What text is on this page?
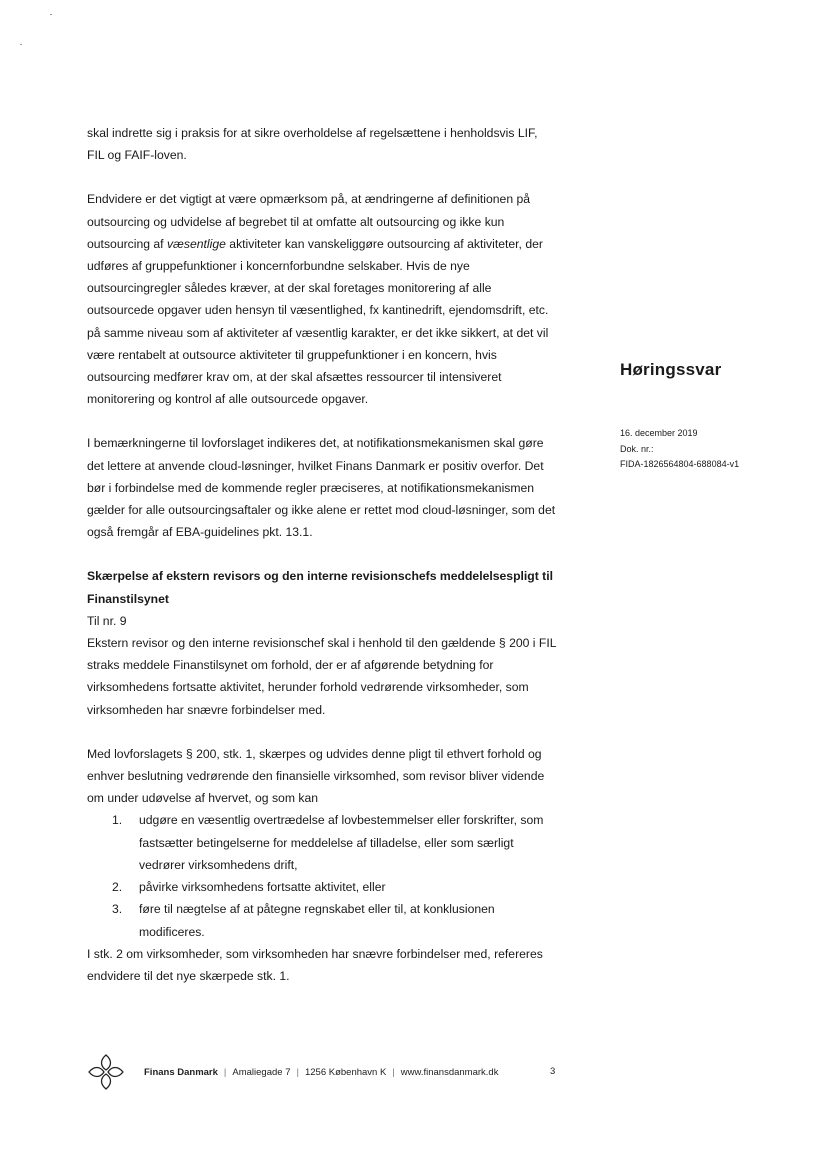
skal indrette sig i praksis for at sikre overholdelse af regelsættene i henholdsvis LIF, FIL og FAIF-loven.

Endvidere er det vigtigt at være opmærksom på, at ændringerne af definitionen på outsourcing og udvidelse af begrebet til at omfatte alt outsourcing og ikke kun outsourcing af væsentlige aktiviteter kan vanskeliggøre outsourcing af aktiviteter, der udføres af gruppefunktioner i koncernforbundne selskaber. Hvis de nye outsourcingregler således kræver, at der skal foretages monitorering af alle outsourcede opgaver uden hensyn til væsentlighed, fx kantinedrift, ejendomsdrift, etc. på samme niveau som af aktiviteter af væsentlig karakter, er det ikke sikkert, at det vil være rentabelt at outsource aktiviteter til gruppefunktioner i en koncern, hvis outsourcing medfører krav om, at der skal afsættes ressourcer til intensiveret monitorering og kontrol af alle outsourcede opgaver.

I bemærkningerne til lovforslaget indikeres det, at notifikationsmekanismen skal gøre det lettere at anvende cloud-løsninger, hvilket Finans Danmark er positiv overfor. Det bør i forbindelse med de kommende regler præciseres, at notifikationsmekanismen gælder for alle outsourcingsaftaler og ikke alene er rettet mod cloud-løsninger, som det også fremgår af EBA-guidelines pkt. 13.1.

Skærpelse af ekstern revisors og den interne revisionschefs meddelelsespligt til Finanstilsynet

Til nr. 9

Ekstern revisor og den interne revisionschef skal i henhold til den gældende § 200 i FIL straks meddele Finanstilsynet om forhold, der er af afgørende betydning for virksomhedens fortsatte aktivitet, herunder forhold vedrørende virksomheder, som virksomheden har snævre forbindelser med.

Med lovforslagets § 200, stk. 1, skærpes og udvides denne pligt til ethvert forhold og enhver beslutning vedrørende den finansielle virksomhed, som revisor bliver vidende om under udøvelse af hvervet, og som kan

1.	udgøre en væsentlig overtrædelse af lovbestemmelser eller forskrifter, som fastsætter betingelserne for meddelelse af tilladelse, eller som særligt vedrører virksomhedens drift,
2.	påvirke virksomhedens fortsatte aktivitet, eller
3.	føre til nægtelse af at påtegne regnskabet eller til, at konklusionen modificeres.

I stk. 2 om virksomheder, som virksomheden har snævre forbindelser med, refereres endvidere til det nye skærpede stk. 1.

Høringssvar
16. december 2019
Dok. nr.:
FIDA-1826564804-688084-v1
Finans Danmark | Amaliegade 7 | 1256 København K | www.finansdanmark.dk	3
